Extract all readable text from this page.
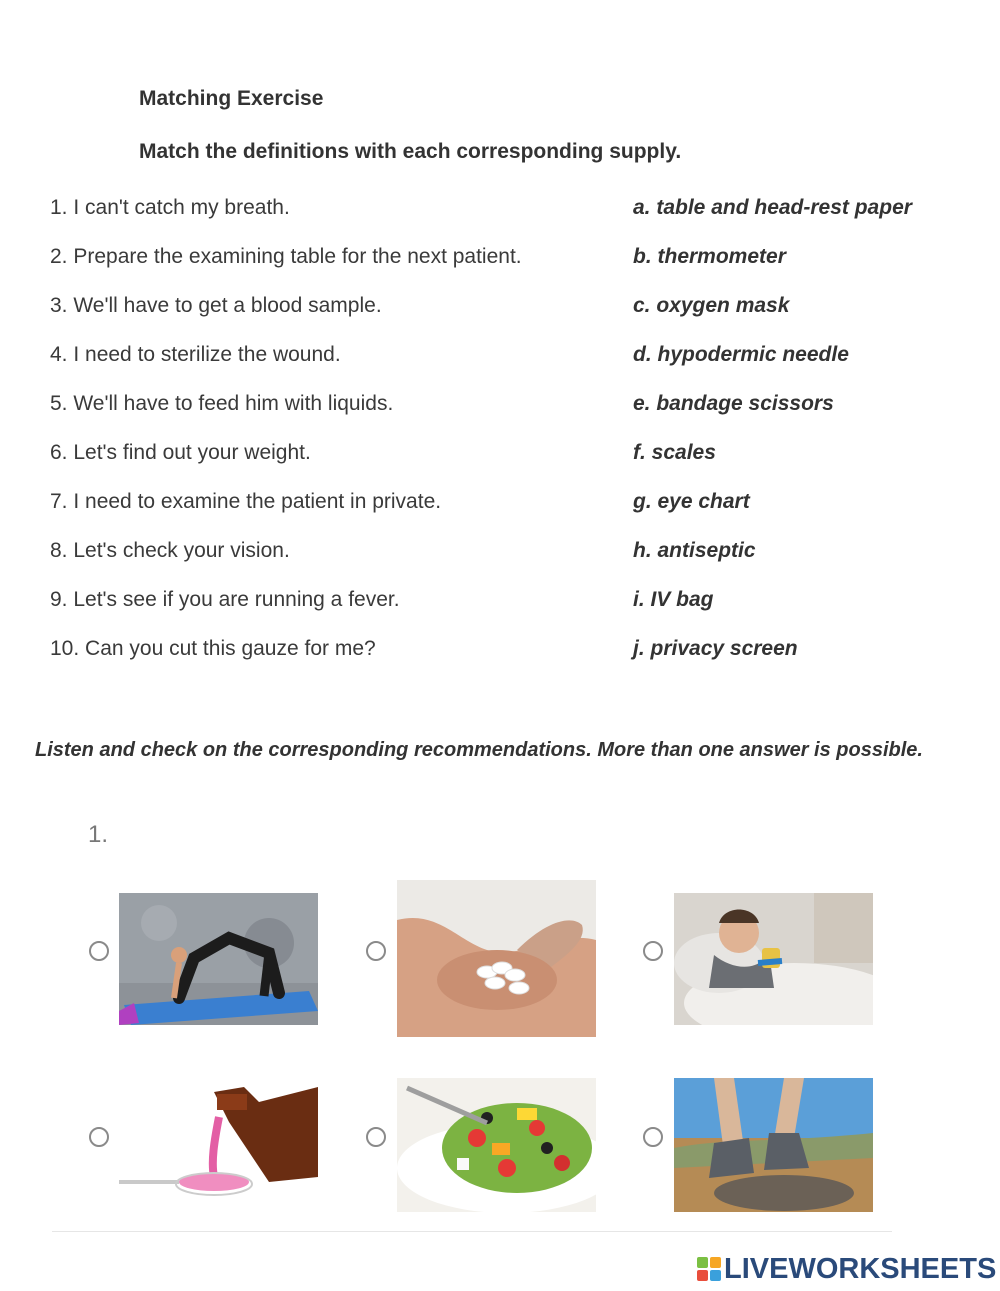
Matching Exercise
Match the definitions with each corresponding supply.
1. I can't catch my breath.
2. Prepare the examining table for the next patient.
3. We'll have to get a blood sample.
4. I need to sterilize the wound.
5. We'll have to feed him with liquids.
6. Let's find out your weight.
7. I need to examine the patient in private.
8. Let's check your vision.
9. Let's see if you are running a fever.
10. Can you cut this gauze for me?
a. table and head-rest paper
b. thermometer
c. oxygen mask
d. hypodermic needle
e. bandage scissors
f. scales
g. eye chart
h. antiseptic
i. IV bag
j. privacy screen
Listen and check on the corresponding recommendations. More than one answer is possible.
1.
LIVEWORKSHEETS
